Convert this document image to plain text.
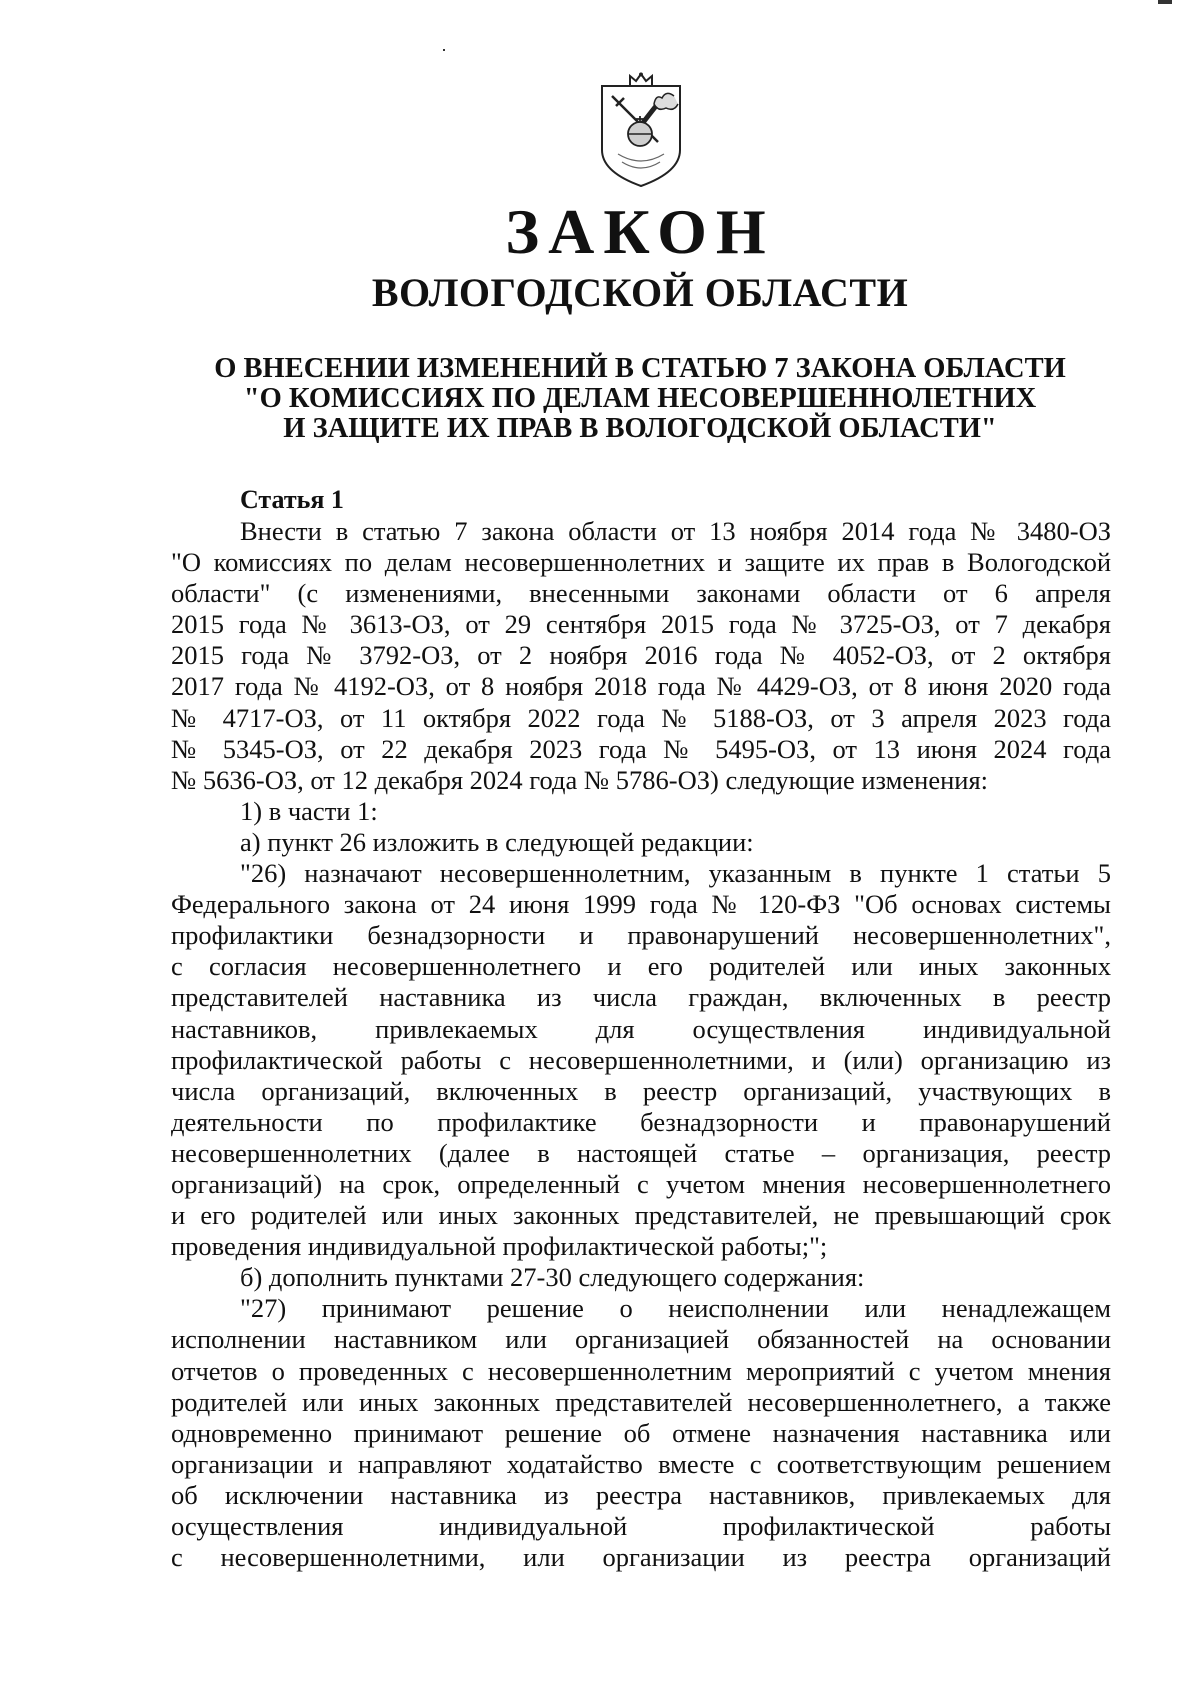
ЗАКОН
ВОЛОГОДСКОЙ ОБЛАСТИ
О ВНЕСЕНИИ ИЗМЕНЕНИЙ В СТАТЬЮ 7 ЗАКОНА ОБЛАСТИ
"О КОМИССИЯХ ПО ДЕЛАМ НЕСОВЕРШЕННОЛЕТНИХ
И ЗАЩИТЕ ИХ ПРАВ В ВОЛОГОДСКОЙ ОБЛАСТИ"
Статья 1
Внести в статью 7 закона области от 13 ноября 2014 года № 3480-ОЗ
"О комиссиях по делам несовершеннолетних и защите их прав в Вологодской
области" (с изменениями, внесенными законами области от 6 апреля
2015 года № 3613-ОЗ, от 29 сентября 2015 года № 3725-ОЗ, от 7 декабря
2015 года № 3792-ОЗ, от 2 ноября 2016 года № 4052-ОЗ, от 2 октября
2017 года № 4192-ОЗ, от 8 ноября 2018 года № 4429-ОЗ, от 8 июня 2020 года
№ 4717-ОЗ, от 11 октября 2022 года № 5188-ОЗ, от 3 апреля 2023 года
№ 5345-ОЗ, от 22 декабря 2023 года № 5495-ОЗ, от 13 июня 2024 года
№ 5636-ОЗ, от 12 декабря 2024 года № 5786-ОЗ) следующие изменения:
1) в части 1:
а) пункт 26 изложить в следующей редакции:
"26) назначают несовершеннолетним, указанным в пункте 1 статьи 5
Федерального закона от 24 июня 1999 года № 120-ФЗ "Об основах системы
профилактики безнадзорности и правонарушений несовершеннолетних",
с согласия несовершеннолетнего и его родителей или иных законных
представителей наставника из числа граждан, включенных в реестр
наставников, привлекаемых для осуществления индивидуальной
профилактической работы с несовершеннолетними, и (или) организацию из
числа организаций, включенных в реестр организаций, участвующих в
деятельности по профилактике безнадзорности и правонарушений
несовершеннолетних (далее в настоящей статье – организация, реестр
организаций) на срок, определенный с учетом мнения несовершеннолетнего
и его родителей или иных законных представителей, не превышающий срок
проведения индивидуальной профилактической работы;";
б) дополнить пунктами 27-30 следующего содержания:
"27) принимают решение о неисполнении или ненадлежащем
исполнении наставником или организацией обязанностей на основании
отчетов о проведенных с несовершеннолетним мероприятий с учетом мнения
родителей или иных законных представителей несовершеннолетнего, а также
одновременно принимают решение об отмене назначения наставника или
организации и направляют ходатайство вместе с соответствующим решением
об исключении наставника из реестра наставников, привлекаемых для
осуществления индивидуальной профилактической работы
с несовершеннолетними, или организации из реестра организаций
